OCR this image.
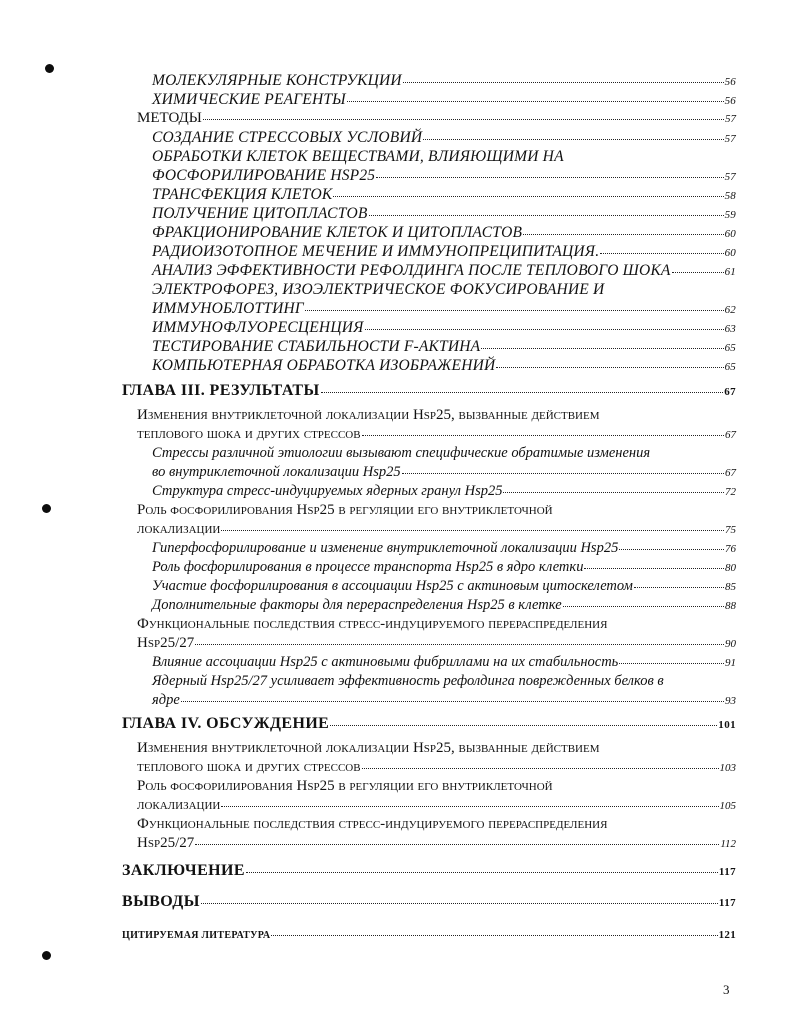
МОЛЕКУЛЯРНЫЕ КОНСТРУКЦИИ	56
ХИМИЧЕСКИЕ РЕАГЕНТЫ	56
МЕТОДЫ	57
СОЗДАНИЕ СТРЕССОВЫХ УСЛОВИЙ	57
ОБРАБОТКИ КЛЕТОК ВЕЩЕСТВАМИ, ВЛИЯЮЩИМИ НА
ФОСФОРИЛИРОВАНИЕ HSP25	57
ТРАНСФЕКЦИЯ КЛЕТОК	58
ПОЛУЧЕНИЕ ЦИТОПЛАСТОВ	59
ФРАКЦИОНИРОВАНИЕ КЛЕТОК И ЦИТОПЛАСТОВ	60
РАДИОИЗОТОПНОЕ МЕЧЕНИЕ И ИММУНОПРЕЦИПИТАЦИЯ.	60
АНАЛИЗ ЭФФЕКТИВНОСТИ РЕФОЛДИНГА ПОСЛЕ ТЕПЛОВОГО ШОКА	61
ЭЛЕКТРОФОРЕЗ, ИЗОЭЛЕКТРИЧЕСКОЕ ФОКУСИРОВАНИЕ И
ИММУНОБЛОТТИНГ	62
ИММУНОФЛУОРЕСЦЕНЦИЯ	63
ТЕСТИРОВАНИЕ СТАБИЛЬНОСТИ F-АКТИНА	65
КОМПЬЮТЕРНАЯ ОБРАБОТКА ИЗОБРАЖЕНИЙ	65
ГЛАВА III. РЕЗУЛЬТАТЫ	67
Изменения внутриклеточной локализации Hsp25, вызванные действием
теплового шока и других стрессов	67
Стрессы различной этиологии вызывают специфические обратимые изменения
во внутриклеточной локализации Hsp25	67
Структура стресс-индуцируемых ядерных гранул Hsp25	72
Роль фосфорилирования Hsp25 в регуляции его внутриклеточной
локализации	75
Гиперфосфорилирование и изменение внутриклеточной локализации Hsp25	76
Роль фосфорилирования в процессе транспорта Hsp25 в ядро клетки	80
Участие фосфорилирования в ассоциации Hsp25 с актиновым цитоскелетом	85
Дополнительные факторы для перераспределения Hsp25 в клетке	88
Функциональные последствия стресс-индуцируемого перераспределения
Hsp25/27	90
Влияние ассоциации Hsp25 с актиновыми фибриллами на их стабильность	91
Ядерный Hsp25/27 усиливает эффективность рефолдинга поврежденных белков в
ядре	93
ГЛАВА IV. ОБСУЖДЕНИЕ	101
Изменения внутриклеточной локализации Hsp25, вызванные действием
теплового шока и других стрессов	103
Роль фосфорилирования Hsp25 в регуляции его внутриклеточной
локализации	105
Функциональные последствия стресс-индуцируемого перераспределения
Hsp25/27	112
ЗАКЛЮЧЕНИЕ	117
ВЫВОДЫ	117
ЦИТИРУЕМАЯ ЛИТЕРАТУРА	121
3
